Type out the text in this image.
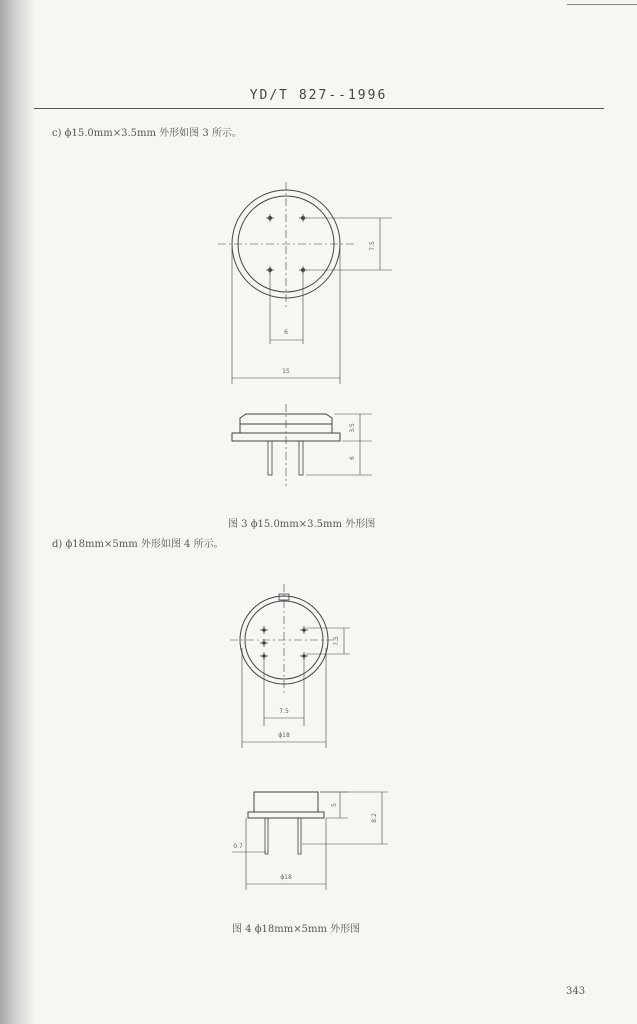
YD/T 827--1996
c) ϕ15.0mm×3.5mm 外形如图 3 所示。
7.5
6
15
3.5
6
图 3 ϕ15.0mm×3.5mm 外形图
d) ϕ18mm×5mm 外形如图 4 所示。
7.5
7.5
ϕ18
5
8.2
0.7
ϕ18
图 4 ϕ18mm×5mm 外形图
343
